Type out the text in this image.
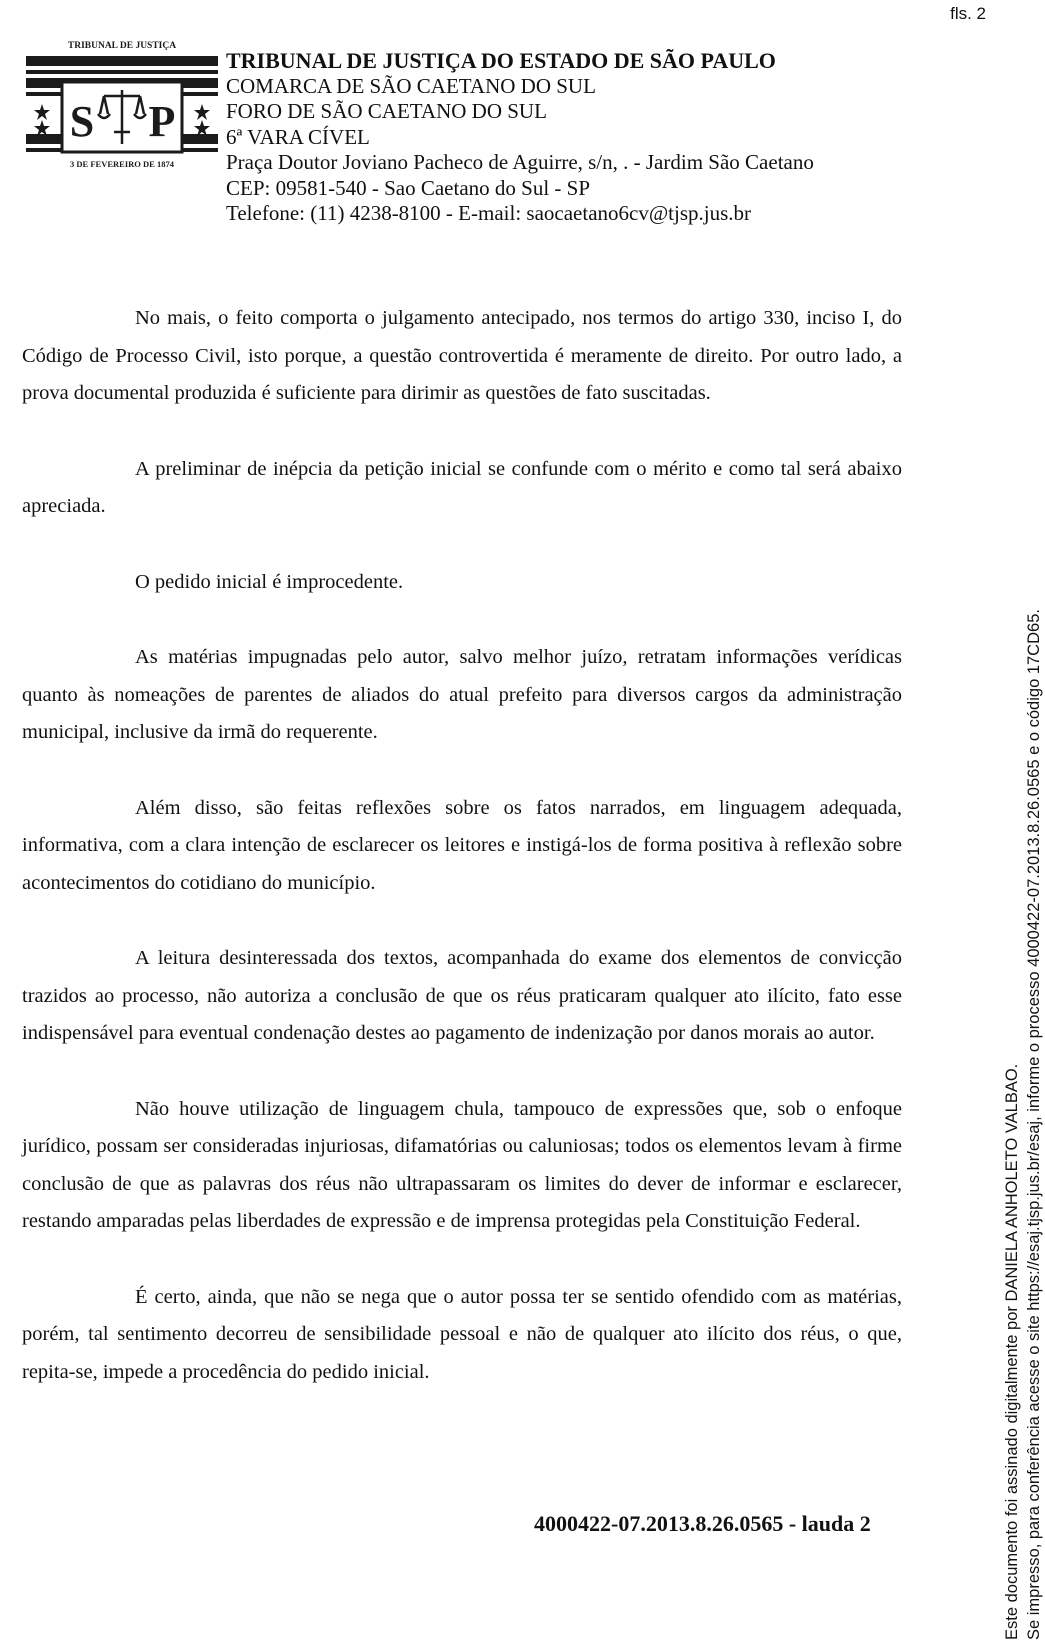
fls. 2
TRIBUNAL DE JUSTIÇA
S P
3 DE FEVEREIRO DE 1874
TRIBUNAL DE JUSTIÇA DO ESTADO DE SÃO PAULO
COMARCA DE SÃO CAETANO DO SUL
FORO DE SÃO CAETANO DO SUL
6ª VARA CÍVEL
Praça Doutor Joviano Pacheco de Aguirre, s/n, . - Jardim São Caetano
CEP: 09581-540 - Sao Caetano do Sul - SP
Telefone: (11) 4238-8100 - E-mail: saocaetano6cv@tjsp.jus.br

No mais, o feito comporta o julgamento antecipado, nos termos do artigo 330, inciso I, do Código de Processo Civil, isto porque, a questão controvertida é meramente de direito. Por outro lado, a prova documental produzida é suficiente para dirimir as questões de fato suscitadas.

A preliminar de inépcia da petição inicial se confunde com o mérito e como tal será abaixo apreciada.

O pedido inicial é improcedente.

As matérias impugnadas pelo autor, salvo melhor juízo, retratam informações verídicas quanto às nomeações de parentes de aliados do atual prefeito para diversos cargos da administração municipal, inclusive da irmã do requerente.

Além disso, são feitas reflexões sobre os fatos narrados, em linguagem adequada, informativa, com a clara intenção de esclarecer os leitores e instigá-los de forma positiva à reflexão sobre acontecimentos do cotidiano do município.

A leitura desinteressada dos textos, acompanhada do exame dos elementos de convicção trazidos ao processo, não autoriza a conclusão de que os réus praticaram qualquer ato ilícito, fato esse indispensável para eventual condenação destes ao pagamento de indenização por danos morais ao autor.

Não houve utilização de linguagem chula, tampouco de expressões que, sob o enfoque jurídico, possam ser consideradas injuriosas, difamatórias ou caluniosas; todos os elementos levam à firme conclusão de que as palavras dos réus não ultrapassaram os limites do dever de informar e esclarecer, restando amparadas pelas liberdades de expressão e de imprensa protegidas pela Constituição Federal.

É certo, ainda, que não se nega que o autor possa ter se sentido ofendido com as matérias, porém, tal sentimento decorreu de sensibilidade pessoal e não de qualquer ato ilícito dos réus, o que, repita-se, impede a procedência do pedido inicial.

4000422-07.2013.8.26.0565 - lauda 2	Este documento foi assinado digitalmente por DANIELA ANHOLETO VALBAO. Se impresso, para conferência acesse o site https://esaj.tjsp.jus.br/esaj, informe o processo 4000422-07.2013.8.26.0565 e o código 17CD65.
